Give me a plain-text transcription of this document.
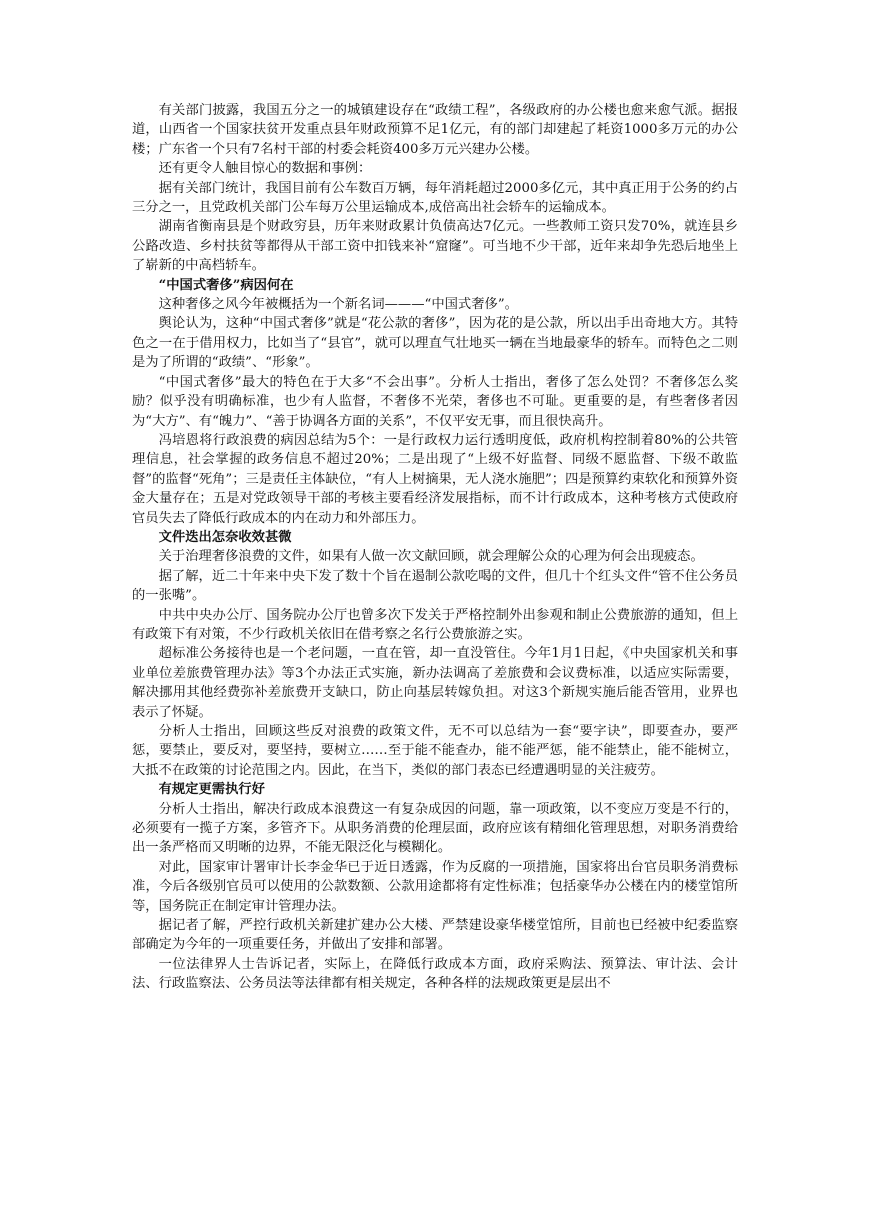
有关部门披露，我国五分之一的城镇建设存在“政绩工程”，各级政府的办公楼也愈来愈气派。据报道，山西省一个国家扶贫开发重点县年财政预算不足1亿元，有的部门却建起了耗资1000多万元的办公楼；广东省一个只有7名村干部的村委会耗资400多万元兴建办公楼。

还有更令人触目惊心的数据和事例：

据有关部门统计，我国目前有公车数百万辆，每年消耗超过2000多亿元，其中真正用于公务的约占三分之一，且党政机关部门公车每万公里运输成本,成倍高出社会轿车的运输成本。

湖南省衡南县是个财政穷县，历年来财政累计负债高达7亿元。一些教师工资只发70%，就连县乡公路改造、乡村扶贫等都得从干部工资中扣钱来补“窟窿”。可当地不少干部，近年来却争先恐后地坐上了崭新的中高档轿车。

“中国式奢侈”病因何在

这种奢侈之风今年被概括为一个新名词———“中国式奢侈”。

舆论认为，这种“中国式奢侈”就是“花公款的奢侈”，因为花的是公款，所以出手出奇地大方。其特色之一在于借用权力，比如当了“县官”，就可以理直气壮地买一辆在当地最豪华的轿车。而特色之二则是为了所谓的“政绩”、“形象”。

“中国式奢侈”最大的特色在于大多“不会出事”。分析人士指出，奢侈了怎么处罚？不奢侈怎么奖励？似乎没有明确标准，也少有人监督，不奢侈不光荣，奢侈也不可耻。更重要的是，有些奢侈者因为“大方”、有“魄力”、“善于协调各方面的关系”，不仅平安无事，而且很快高升。

冯培恩将行政浪费的病因总结为5个：一是行政权力运行透明度低，政府机构控制着80%的公共管理信息，社会掌握的政务信息不超过20%；二是出现了“上级不好监督、同级不愿监督、下级不敢监督”的监督“死角”；三是责任主体缺位，“有人上树摘果，无人浇水施肥”；四是预算约束软化和预算外资金大量存在；五是对党政领导干部的考核主要看经济发展指标，而不计行政成本，这种考核方式使政府官员失去了降低行政成本的内在动力和外部压力。

文件迭出怎奈收效甚微

关于治理奢侈浪费的文件，如果有人做一次文献回顾，就会理解公众的心理为何会出现疲态。

据了解，近二十年来中央下发了数十个旨在遏制公款吃喝的文件，但几十个红头文件“管不住公务员的一张嘴”。

中共中央办公厅、国务院办公厅也曾多次下发关于严格控制外出参观和制止公费旅游的通知，但上有政策下有对策，不少行政机关依旧在借考察之名行公费旅游之实。

超标准公务接待也是一个老问题，一直在管，却一直没管住。今年1月1日起，《中央国家机关和事业单位差旅费管理办法》等3个办法正式实施，新办法调高了差旅费和会议费标准，以适应实际需要，解决挪用其他经费弥补差旅费开支缺口，防止向基层转嫁负担。对这3个新规实施后能否管用，业界也表示了怀疑。

分析人士指出，回顾这些反对浪费的政策文件，无不可以总结为一套“要字诀”，即要查办，要严惩，要禁止，要反对，要坚持，要树立……至于能不能查办，能不能严惩，能不能禁止，能不能树立，大抵不在政策的讨论范围之内。因此，在当下，类似的部门表态已经遭遇明显的关注疲劳。

有规定更需执行好

分析人士指出，解决行政成本浪费这一有复杂成因的问题，靠一项政策，以不变应万变是不行的，必须要有一揽子方案，多管齐下。从职务消费的伦理层面，政府应该有精细化管理思想，对职务消费给出一条严格而又明晰的边界，不能无限泛化与模糊化。

对此，国家审计署审计长李金华已于近日透露，作为反腐的一项措施，国家将出台官员职务消费标准，今后各级别官员可以使用的公款数额、公款用途都将有定性标准；包括豪华办公楼在内的楼堂馆所等，国务院正在制定审计管理办法。

据记者了解，严控行政机关新建扩建办公大楼、严禁建设豪华楼堂馆所，目前也已经被中纪委监察部确定为今年的一项重要任务，并做出了安排和部署。

一位法律界人士告诉记者，实际上，在降低行政成本方面，政府采购法、预算法、审计法、会计法、行政监察法、公务员法等法律都有相关规定，各种各样的法规政策更是层出不
